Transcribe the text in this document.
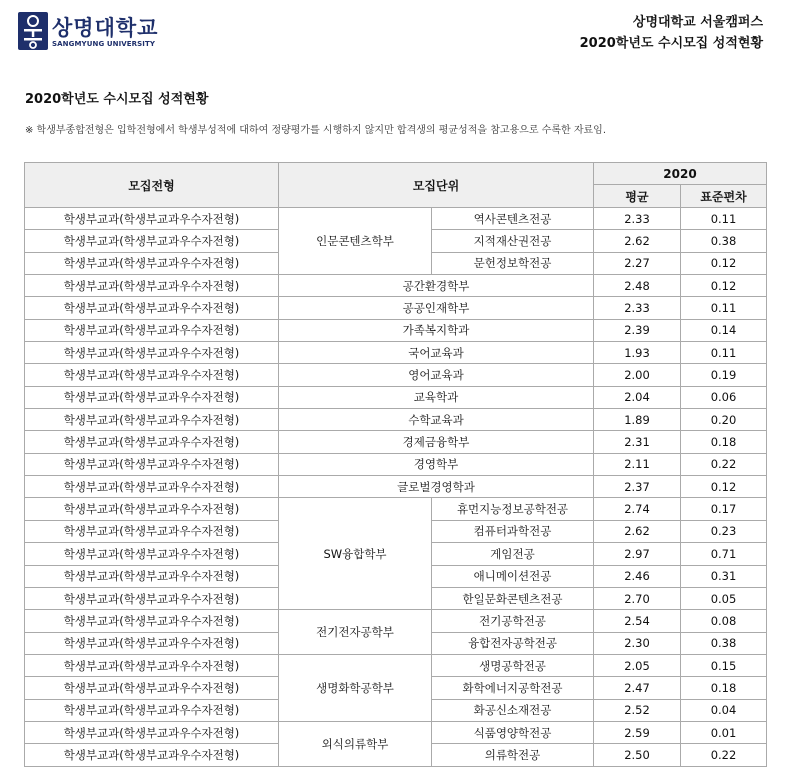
상명대학교
SANGMYUNG UNIVERSITY
상명대학교 서울캠퍼스
2020학년도 수시모집 성적현황
2020학년도 수시모집 성적현황
※ 학생부종합전형은 입학전형에서 학생부성적에 대하여 정량평가를 시행하지 않지만 합격생의 평균성적을 참고용으로 수록한 자료임.
모집전형	모집단위		2020	
			평균	표준편차
학생부교과(학생부교과우수자전형)	인문콘텐츠학부	역사콘텐츠전공	2.33	0.11
학생부교과(학생부교과우수자전형)		지적재산권전공	2.62	0.38
학생부교과(학생부교과우수자전형)		문헌정보학전공	2.27	0.12
학생부교과(학생부교과우수자전형)	공간환경학부		2.48	0.12
학생부교과(학생부교과우수자전형)	공공인재학부		2.33	0.11
학생부교과(학생부교과우수자전형)	가족복지학과		2.39	0.14
학생부교과(학생부교과우수자전형)	국어교육과		1.93	0.11
학생부교과(학생부교과우수자전형)	영어교육과		2.00	0.19
학생부교과(학생부교과우수자전형)	교육학과		2.04	0.06
학생부교과(학생부교과우수자전형)	수학교육과		1.89	0.20
학생부교과(학생부교과우수자전형)	경제금융학부		2.31	0.18
학생부교과(학생부교과우수자전형)	경영학부		2.11	0.22
학생부교과(학생부교과우수자전형)	글로벌경영학과		2.37	0.12
학생부교과(학생부교과우수자전형)	SW융합학부	휴먼지능정보공학전공	2.74	0.17
학생부교과(학생부교과우수자전형)		컴퓨터과학전공	2.62	0.23
학생부교과(학생부교과우수자전형)		게임전공	2.97	0.71
학생부교과(학생부교과우수자전형)		애니메이션전공	2.46	0.31
학생부교과(학생부교과우수자전형)		한일문화콘텐츠전공	2.70	0.05
학생부교과(학생부교과우수자전형)	전기전자공학부	전기공학전공	2.54	0.08
학생부교과(학생부교과우수자전형)		융합전자공학전공	2.30	0.38
학생부교과(학생부교과우수자전형)	생명화학공학부	생명공학전공	2.05	0.15
학생부교과(학생부교과우수자전형)		화학에너지공학전공	2.47	0.18
학생부교과(학생부교과우수자전형)		화공신소재전공	2.52	0.04
학생부교과(학생부교과우수자전형)	외식의류학부	식품영양학전공	2.59	0.01
학생부교과(학생부교과우수자전형)		의류학전공	2.50	0.22
